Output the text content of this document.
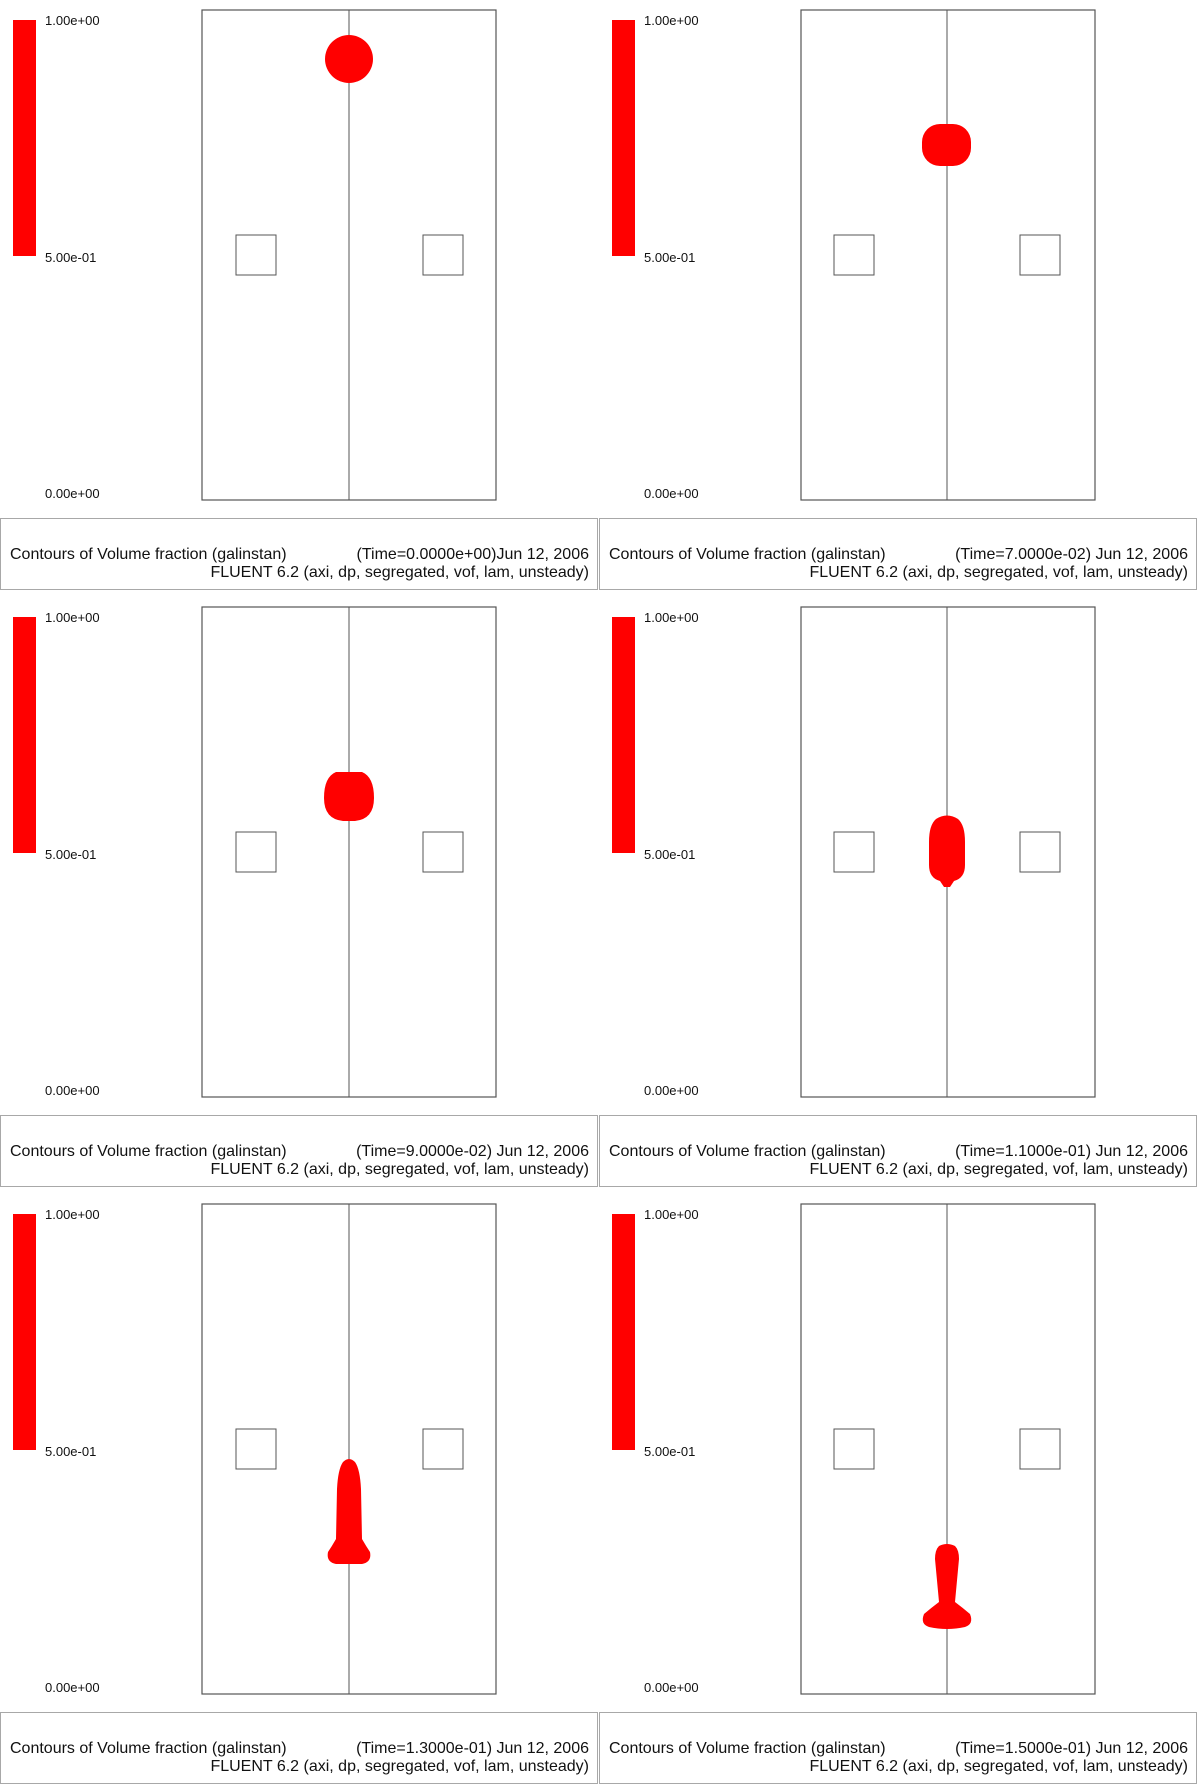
1.00e+00
5.00e-01
0.00e+00
Contours of Volume fraction (galinstan)	(Time=0.0000e+00)Jun 12, 2006
FLUENT 6.2 (axi, dp, segregated, vof, lam, unsteady)
1.00e+00
5.00e-01
0.00e+00
Contours of Volume fraction (galinstan)	(Time=7.0000e-02) Jun 12, 2006
FLUENT 6.2 (axi, dp, segregated, vof, lam, unsteady)
1.00e+00
5.00e-01
0.00e+00
Contours of Volume fraction (galinstan)	(Time=9.0000e-02) Jun 12, 2006
FLUENT 6.2 (axi, dp, segregated, vof, lam, unsteady)
1.00e+00
5.00e-01
0.00e+00
Contours of Volume fraction (galinstan)	(Time=1.1000e-01) Jun 12, 2006
FLUENT 6.2 (axi, dp, segregated, vof, lam, unsteady)
1.00e+00
5.00e-01
0.00e+00
Contours of Volume fraction (galinstan)	(Time=1.3000e-01) Jun 12, 2006
FLUENT 6.2 (axi, dp, segregated, vof, lam, unsteady)
1.00e+00
5.00e-01
0.00e+00
Contours of Volume fraction (galinstan)	(Time=1.5000e-01) Jun 12, 2006
FLUENT 6.2 (axi, dp, segregated, vof, lam, unsteady)
